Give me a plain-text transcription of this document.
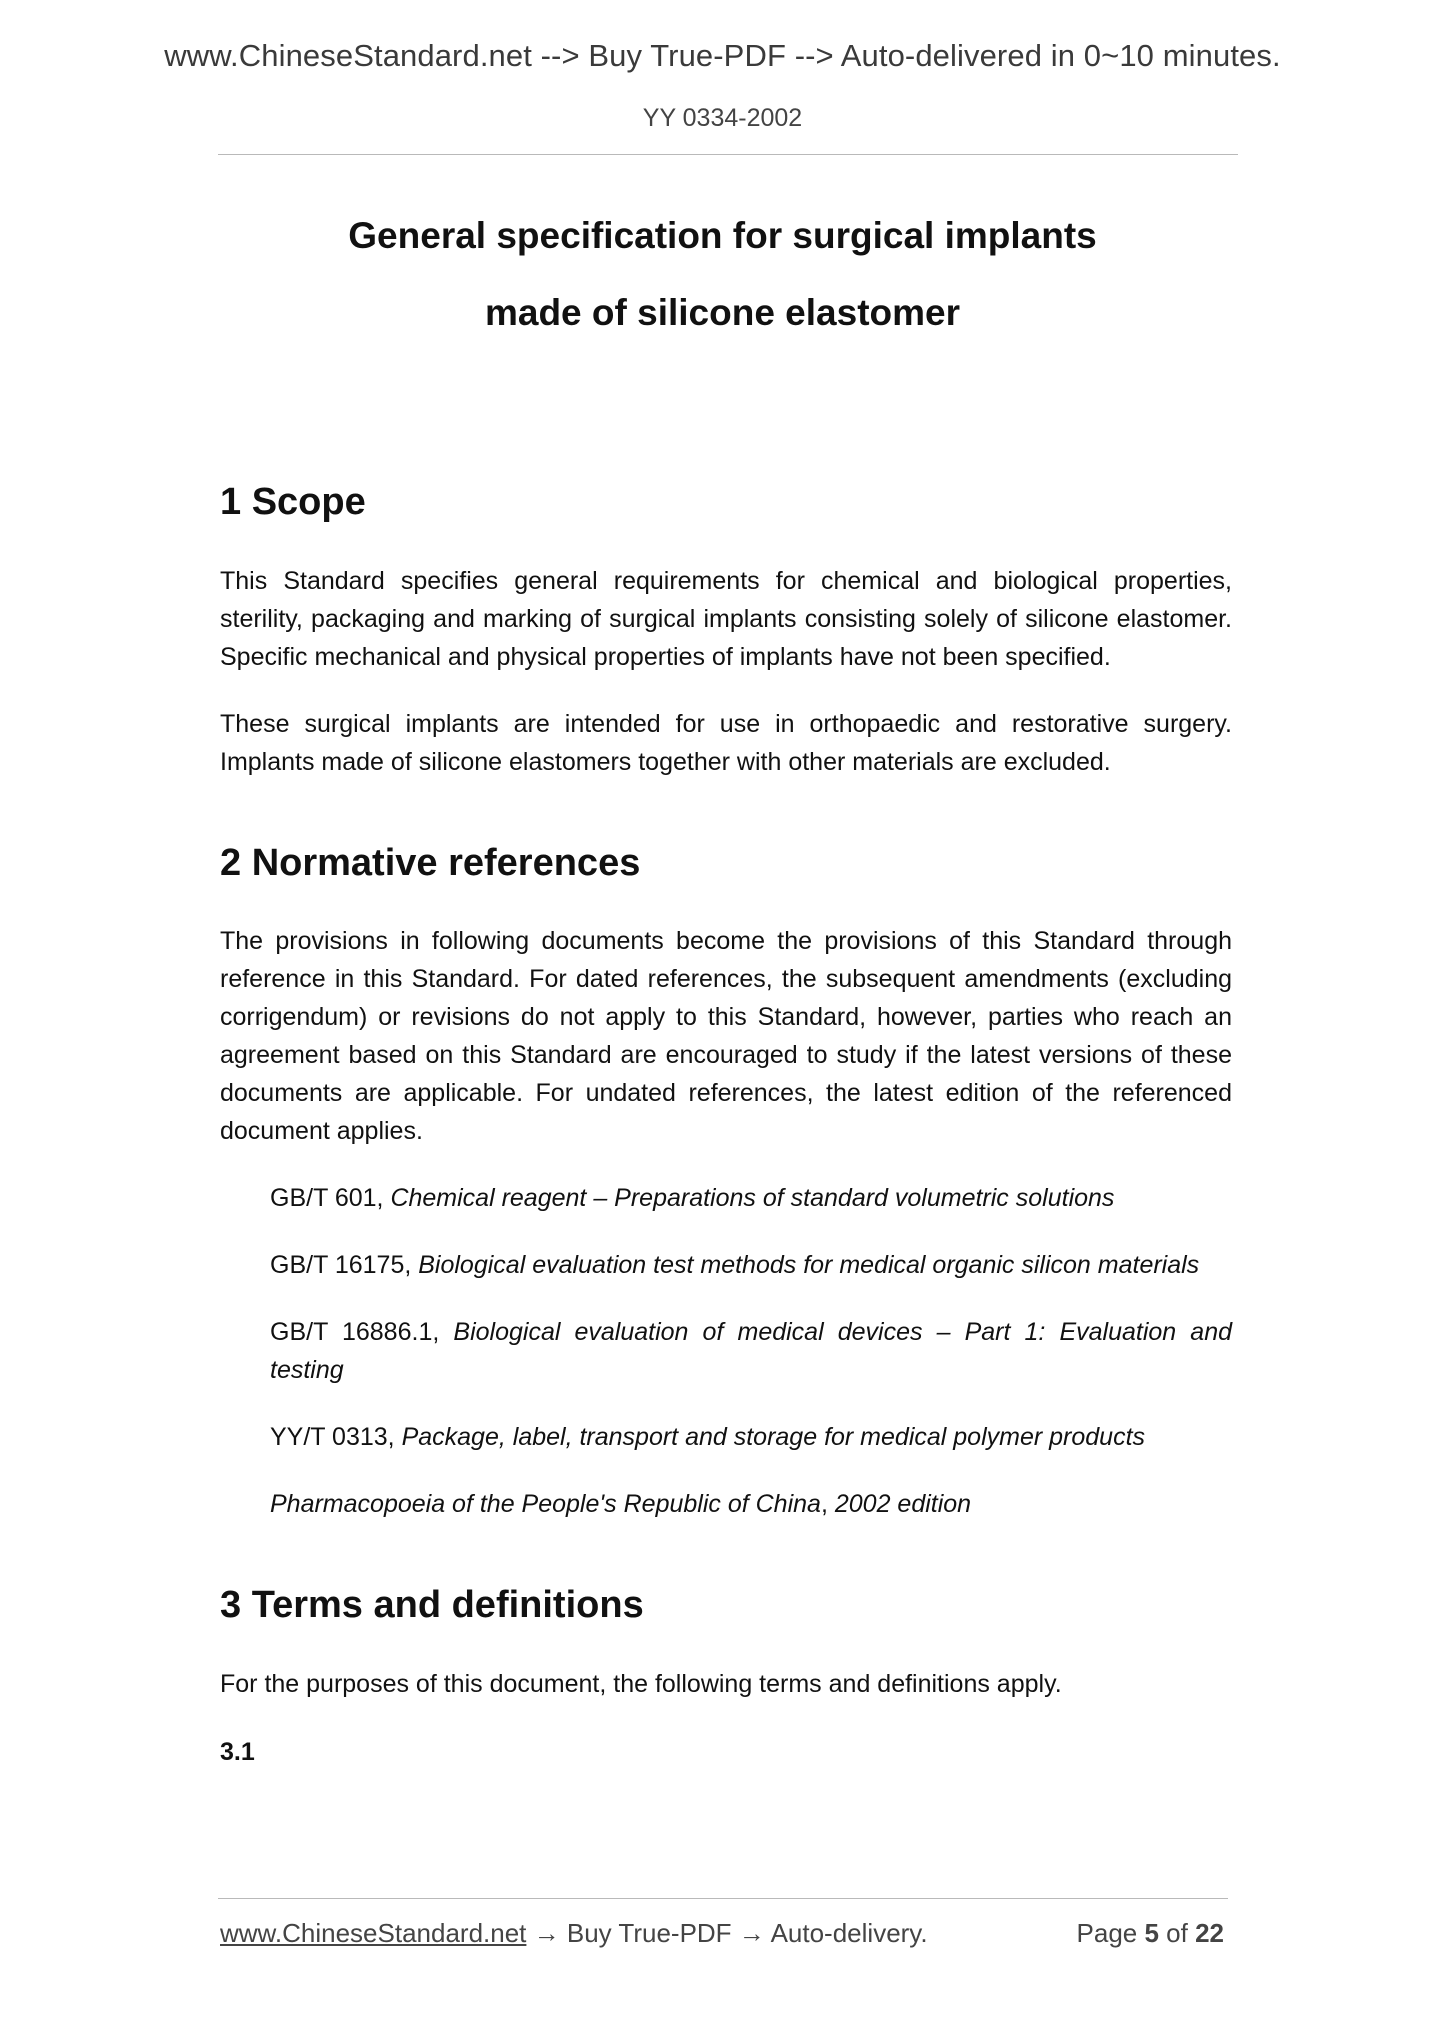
www.ChineseStandard.net --> Buy True-PDF --> Auto-delivered in 0~10 minutes.
YY 0334-2002
General specification for surgical implants
made of silicone elastomer
1 Scope

This Standard specifies general requirements for chemical and biological properties, sterility, packaging and marking of surgical implants consisting solely of silicone elastomer. Specific mechanical and physical properties of implants have not been specified.

These surgical implants are intended for use in orthopaedic and restorative surgery. Implants made of silicone elastomers together with other materials are excluded.

2 Normative references

The provisions in following documents become the provisions of this Standard through reference in this Standard. For dated references, the subsequent amendments (excluding corrigendum) or revisions do not apply to this Standard, however, parties who reach an agreement based on this Standard are encouraged to study if the latest versions of these documents are applicable. For undated references, the latest edition of the referenced document applies.

GB/T 601, Chemical reagent – Preparations of standard volumetric solutions

GB/T 16175, Biological evaluation test methods for medical organic silicon materials

GB/T 16886.1, Biological evaluation of medical devices – Part 1: Evaluation and testing

YY/T 0313, Package, label, transport and storage for medical polymer products

Pharmacopoeia of the People's Republic of China, 2002 edition

3 Terms and definitions

For the purposes of this document, the following terms and definitions apply.

3.1
www.ChineseStandard.net → Buy True-PDF → Auto-delivery.	Page 5 of 22
